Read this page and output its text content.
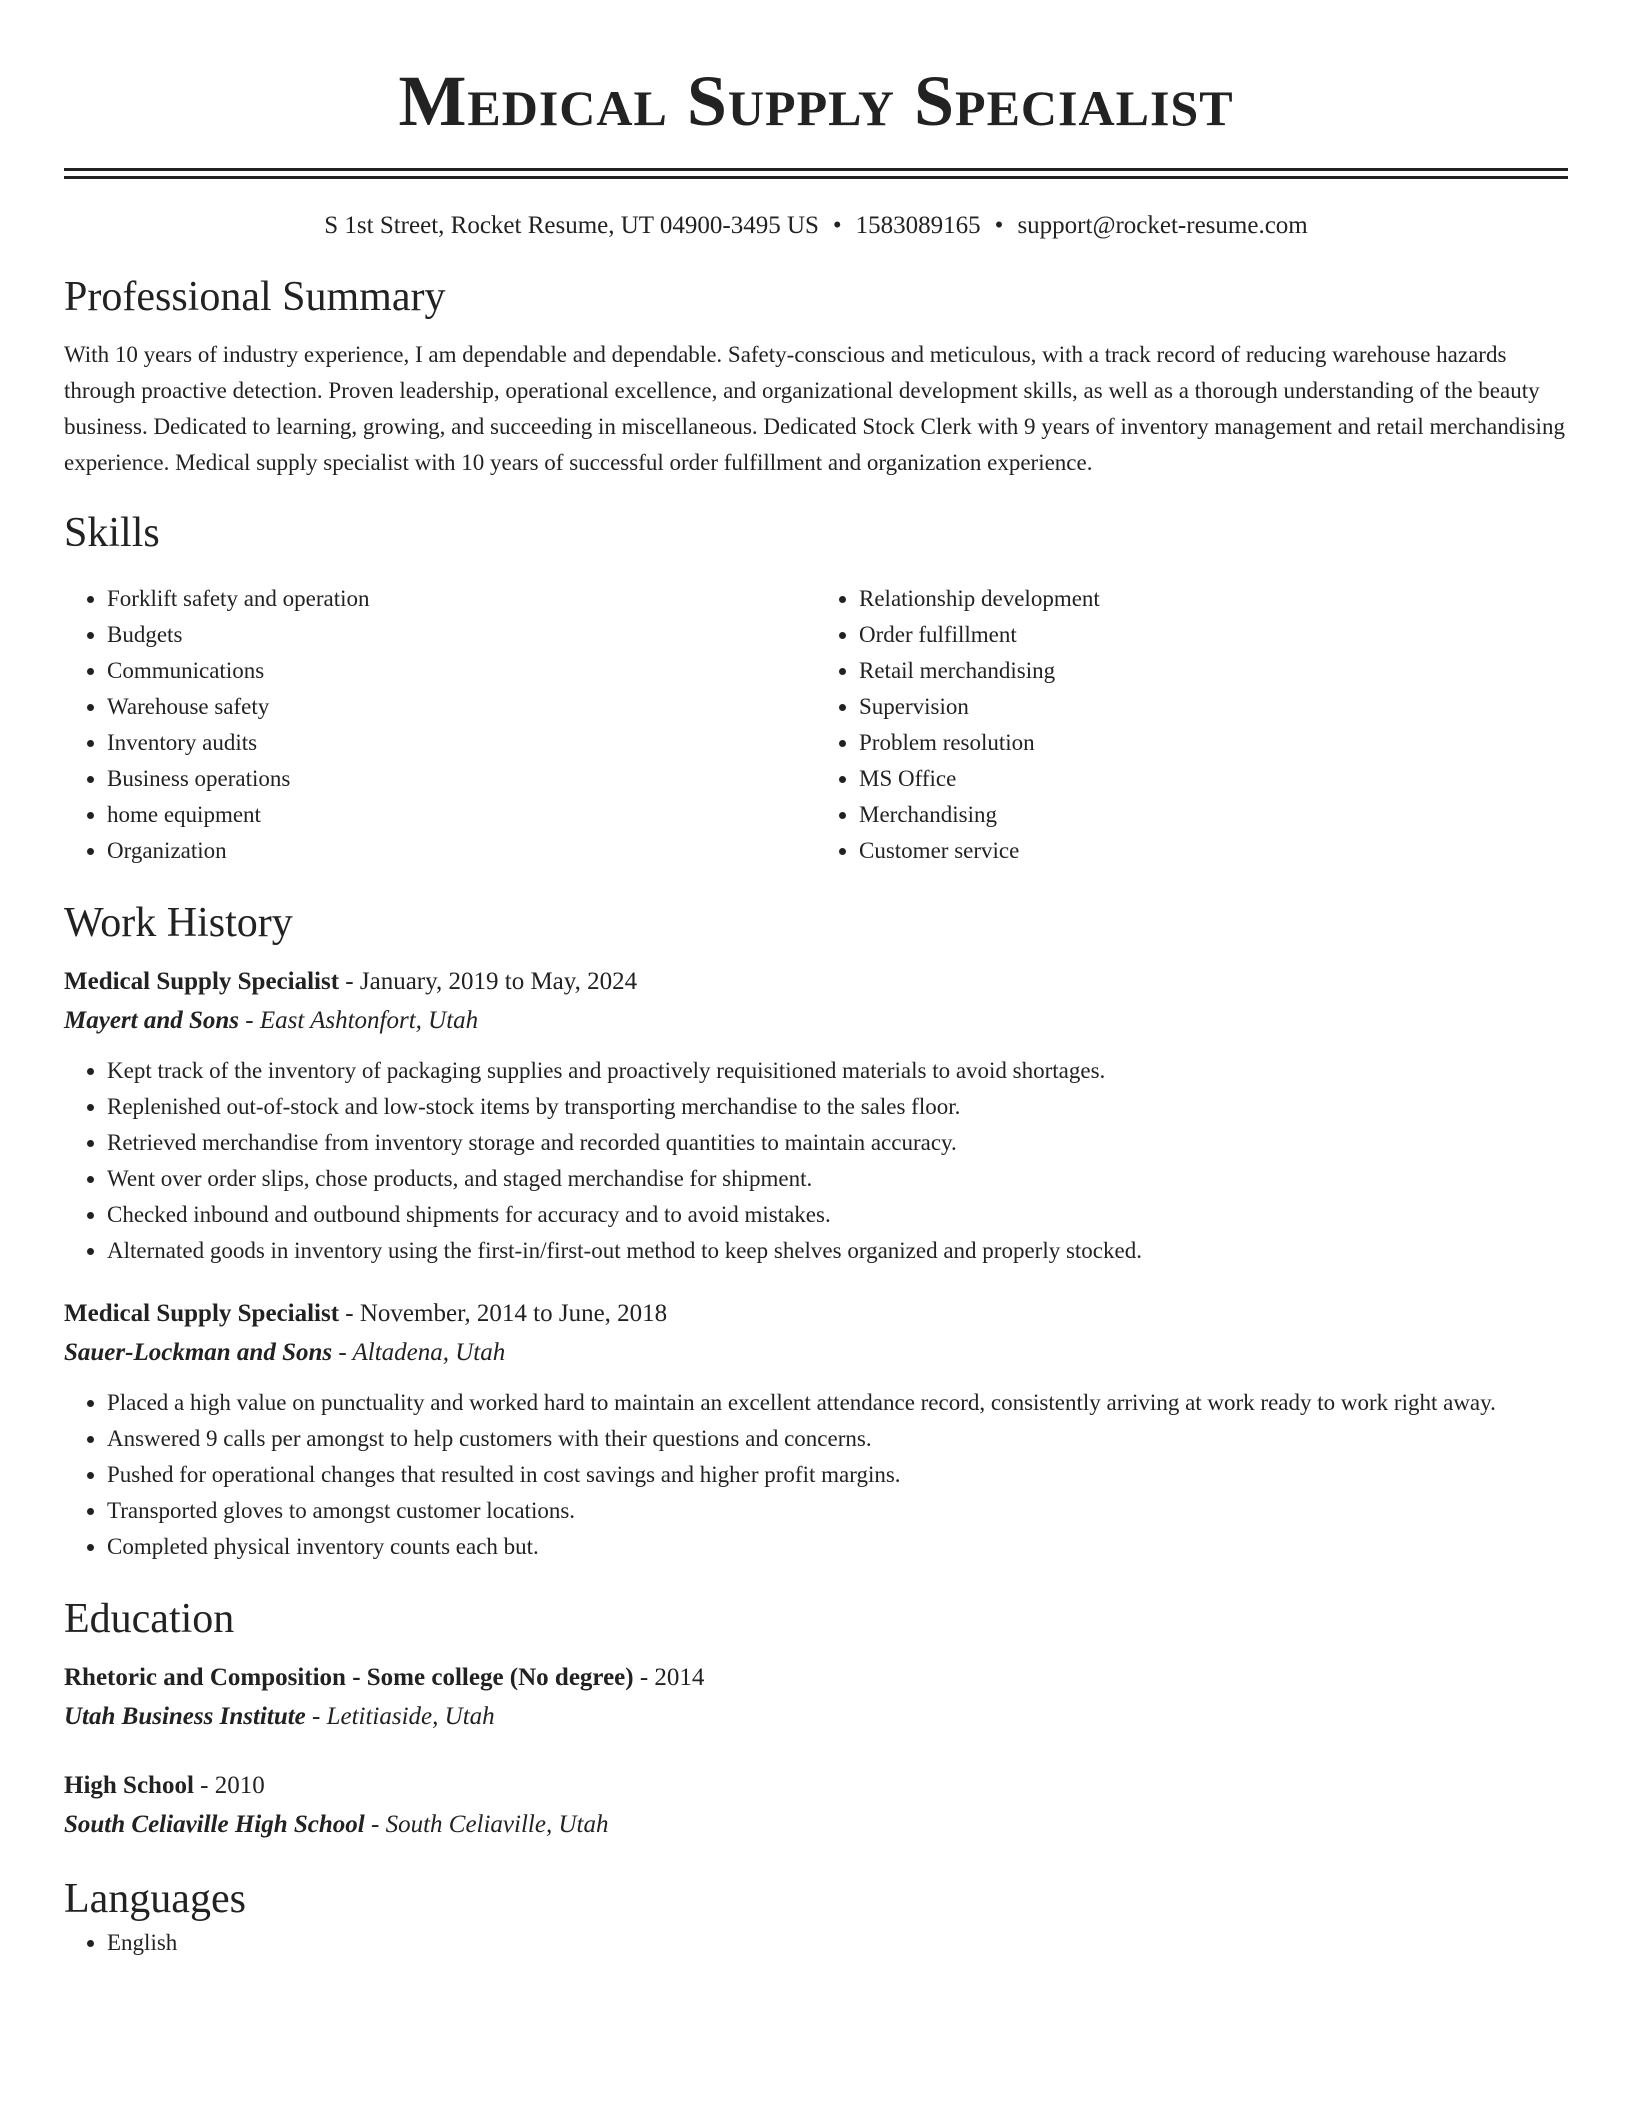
Medical Supply Specialist
S 1st Street, Rocket Resume, UT 04900-3495 US • 1583089165 • support@rocket-resume.com
Professional Summary
With 10 years of industry experience, I am dependable and dependable. Safety-conscious and meticulous, with a track record of reducing warehouse hazards through proactive detection. Proven leadership, operational excellence, and organizational development skills, as well as a thorough understanding of the beauty business. Dedicated to learning, growing, and succeeding in miscellaneous. Dedicated Stock Clerk with 9 years of inventory management and retail merchandising experience. Medical supply specialist with 10 years of successful order fulfillment and organization experience.
Skills
• Forklift safety and operation
• Budgets
• Communications
• Warehouse safety
• Inventory audits
• Business operations
• home equipment
• Organization
• Relationship development
• Order fulfillment
• Retail merchandising
• Supervision
• Problem resolution
• MS Office
• Merchandising
• Customer service
Work History
Medical Supply Specialist - January, 2019 to May, 2024
Mayert and Sons - East Ashtonfort, Utah
• Kept track of the inventory of packaging supplies and proactively requisitioned materials to avoid shortages.
• Replenished out-of-stock and low-stock items by transporting merchandise to the sales floor.
• Retrieved merchandise from inventory storage and recorded quantities to maintain accuracy.
• Went over order slips, chose products, and staged merchandise for shipment.
• Checked inbound and outbound shipments for accuracy and to avoid mistakes.
• Alternated goods in inventory using the first-in/first-out method to keep shelves organized and properly stocked.
Medical Supply Specialist - November, 2014 to June, 2018
Sauer-Lockman and Sons - Altadena, Utah
• Placed a high value on punctuality and worked hard to maintain an excellent attendance record, consistently arriving at work ready to work right away.
• Answered 9 calls per amongst to help customers with their questions and concerns.
• Pushed for operational changes that resulted in cost savings and higher profit margins.
• Transported gloves to amongst customer locations.
• Completed physical inventory counts each but.
Education
Rhetoric and Composition - Some college (No degree) - 2014
Utah Business Institute - Letitiaside, Utah
High School - 2010
South Celiaville High School - South Celiaville, Utah
Languages
• English
